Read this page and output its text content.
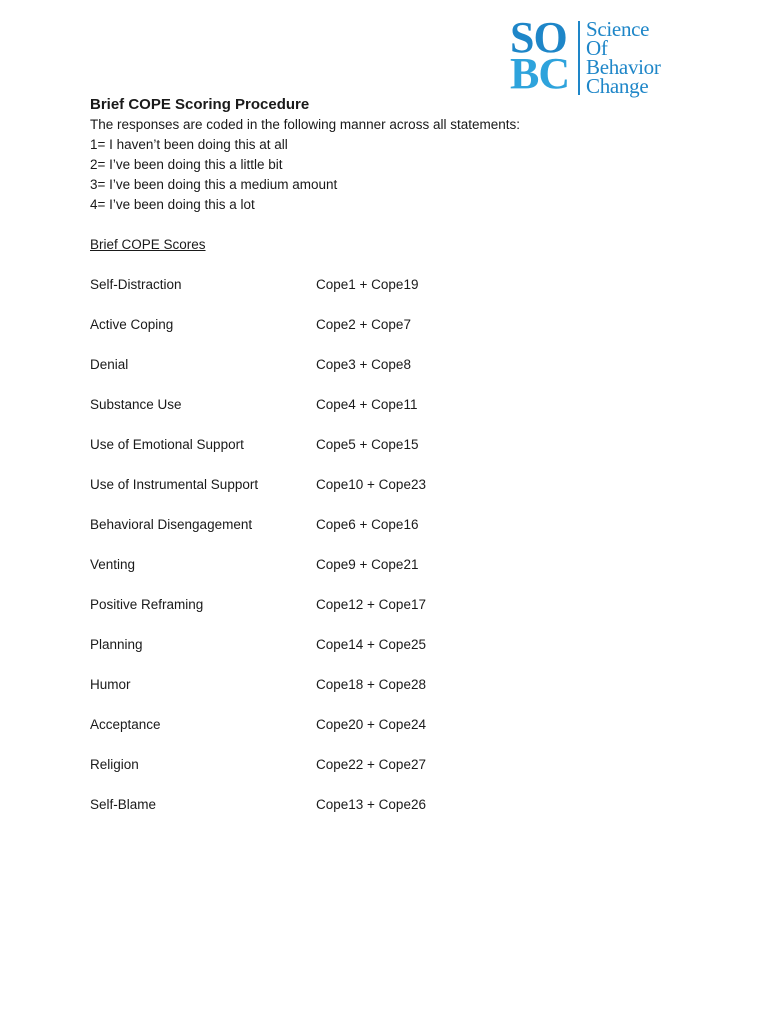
SO
BC
Science
Of
Behavior
Change
Brief COPE Scoring Procedure
The responses are coded in the following manner across all statements:
1= I haven’t been doing this at all
2= I’ve been doing this a little bit
3= I’ve been doing this a medium amount
4= I’ve been doing this a lot
Brief COPE Scores
Self-Distraction	Cope1 + Cope19
Active Coping	Cope2 + Cope7
Denial	Cope3 + Cope8
Substance Use	Cope4 + Cope11
Use of Emotional Support	Cope5 + Cope15
Use of Instrumental Support	Cope10 + Cope23
Behavioral Disengagement	Cope6 + Cope16
Venting	Cope9 + Cope21
Positive Reframing	Cope12 + Cope17
Planning	Cope14 + Cope25
Humor	Cope18 + Cope28
Acceptance	Cope20 + Cope24
Religion	Cope22 + Cope27
Self-Blame	Cope13 + Cope26
